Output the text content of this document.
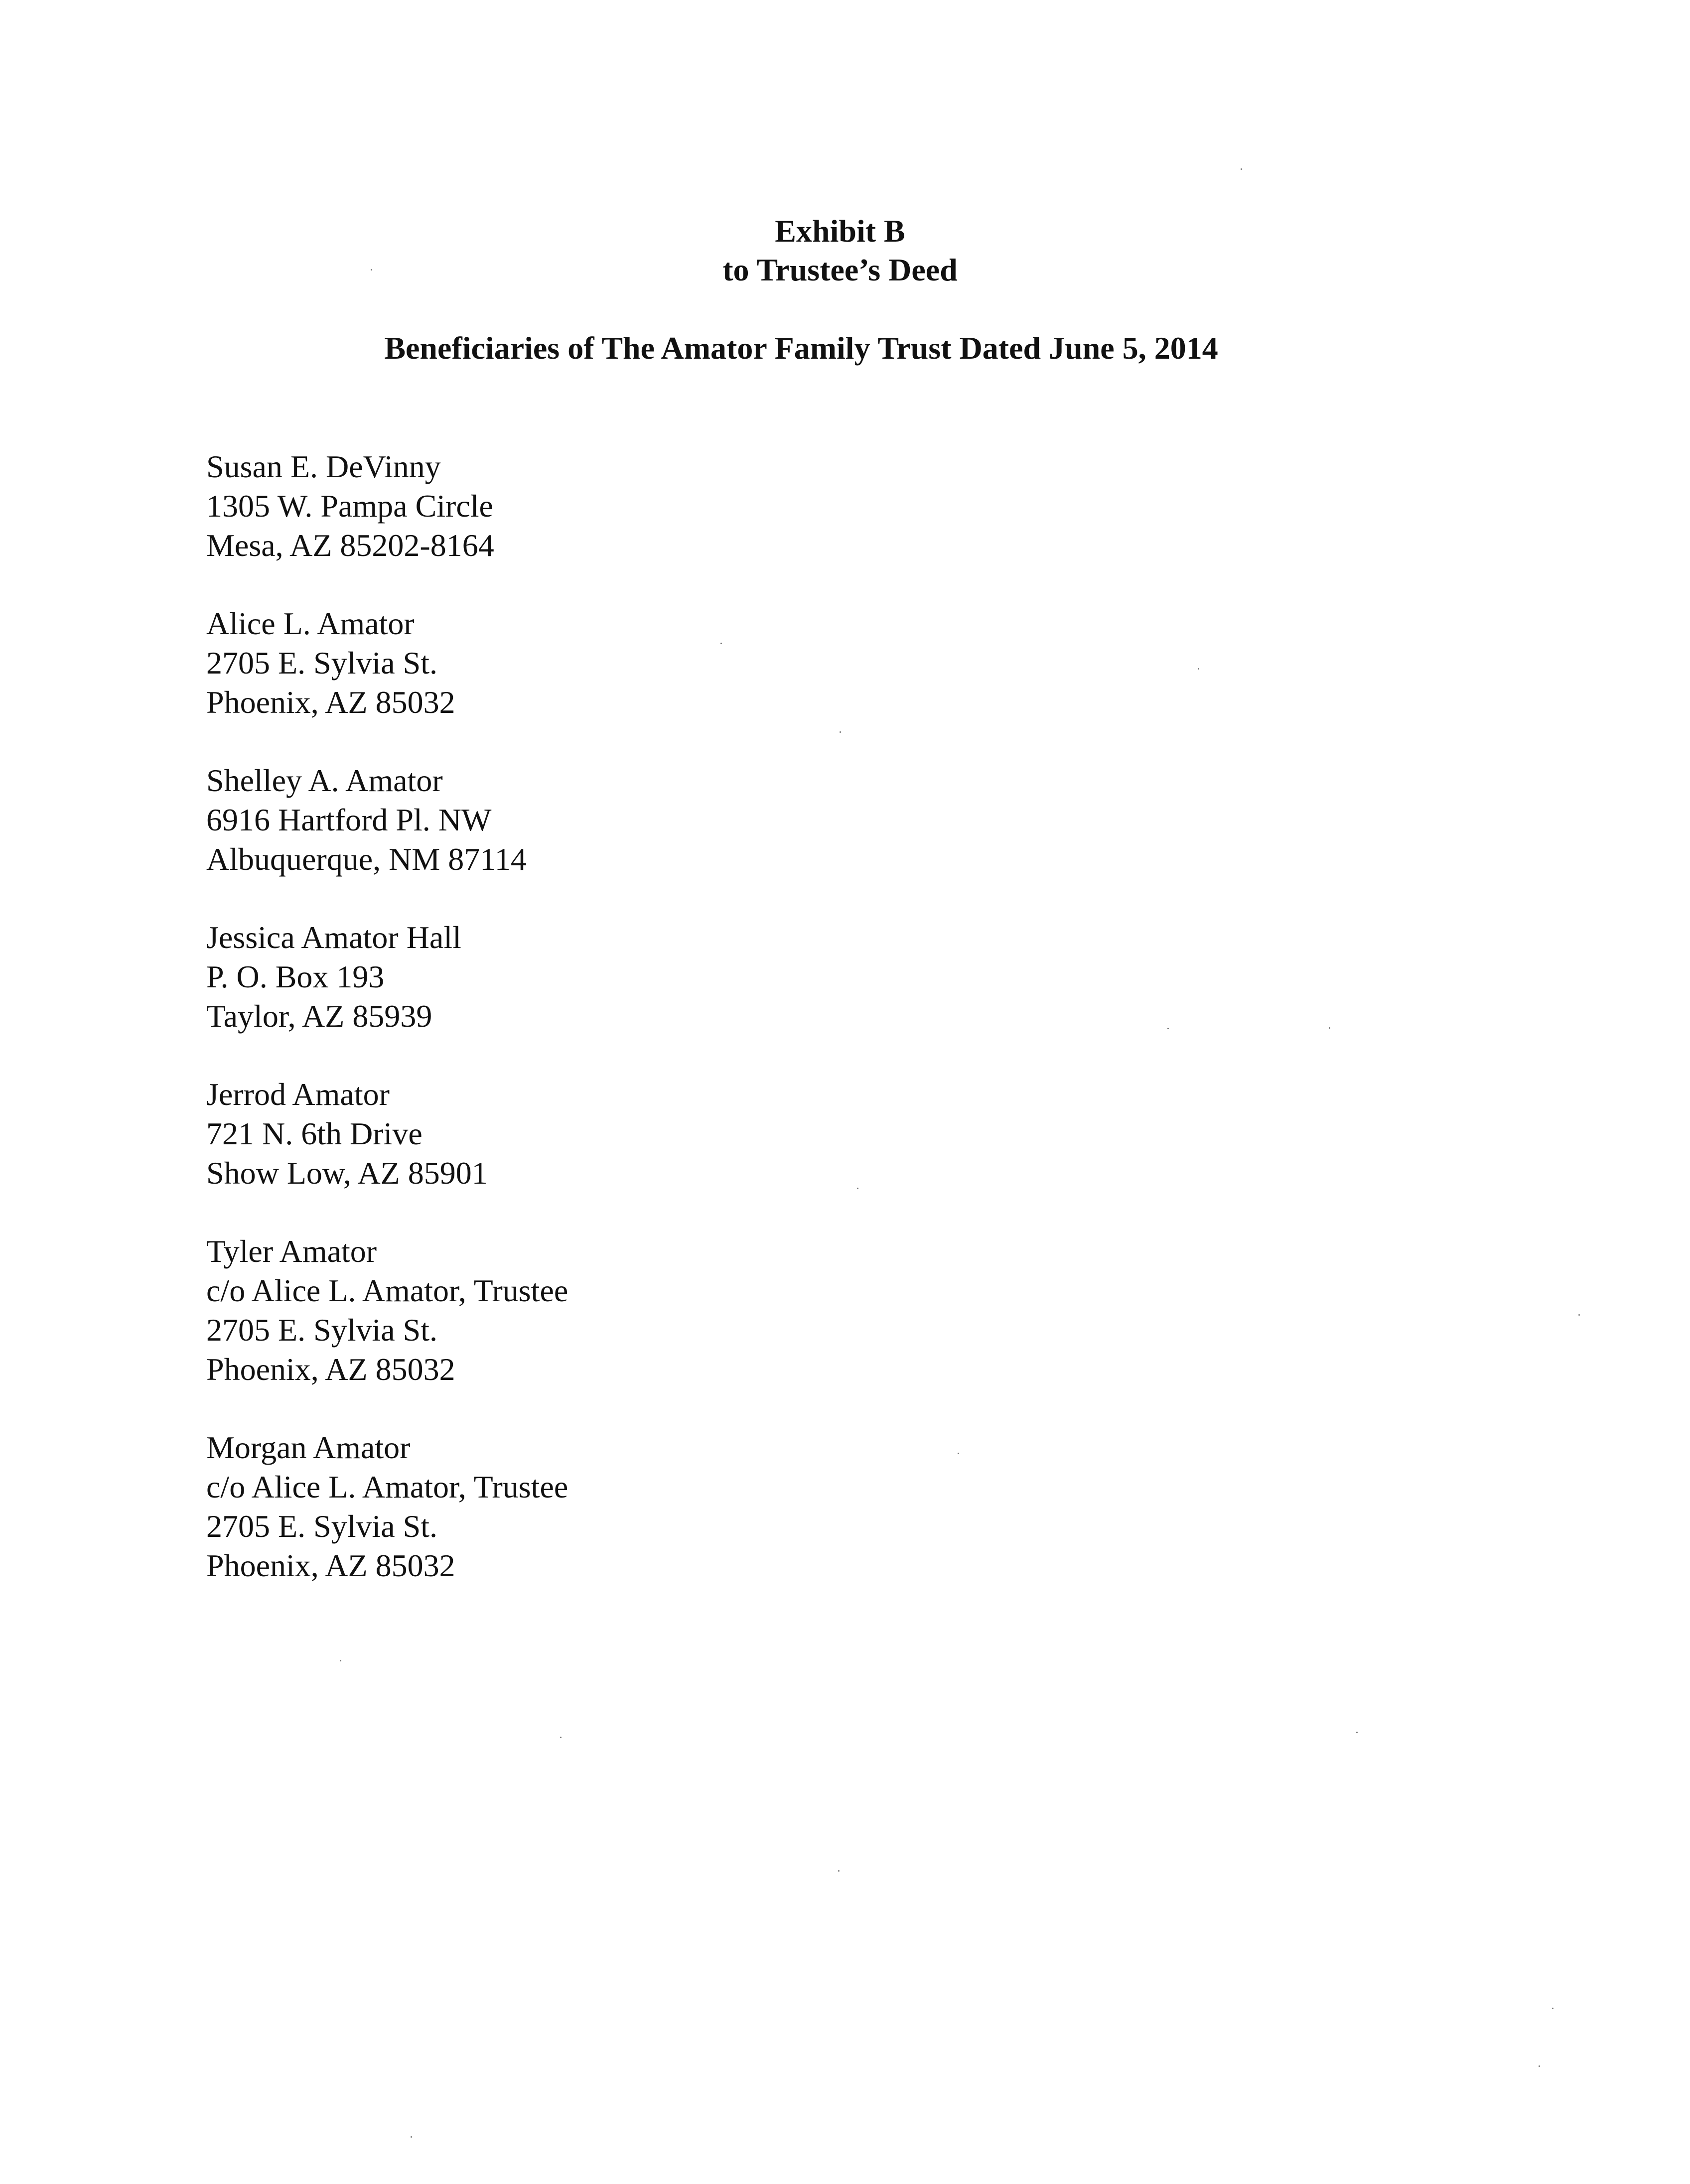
Exhibit B
to Trustee’s Deed
Beneficiaries of The Amator Family Trust Dated June 5, 2014
Susan E. DeVinny
1305 W. Pampa Circle
Mesa, AZ 85202-8164
Alice L. Amator
2705 E. Sylvia St.
Phoenix, AZ 85032
Shelley A. Amator
6916 Hartford Pl. NW
Albuquerque, NM 87114
Jessica Amator Hall
P. O. Box 193
Taylor, AZ 85939
Jerrod Amator
721 N. 6th Drive
Show Low, AZ 85901
Tyler Amator
c/o Alice L. Amator, Trustee
2705 E. Sylvia St.
Phoenix, AZ 85032
Morgan Amator
c/o Alice L. Amator, Trustee
2705 E. Sylvia St.
Phoenix, AZ 85032
